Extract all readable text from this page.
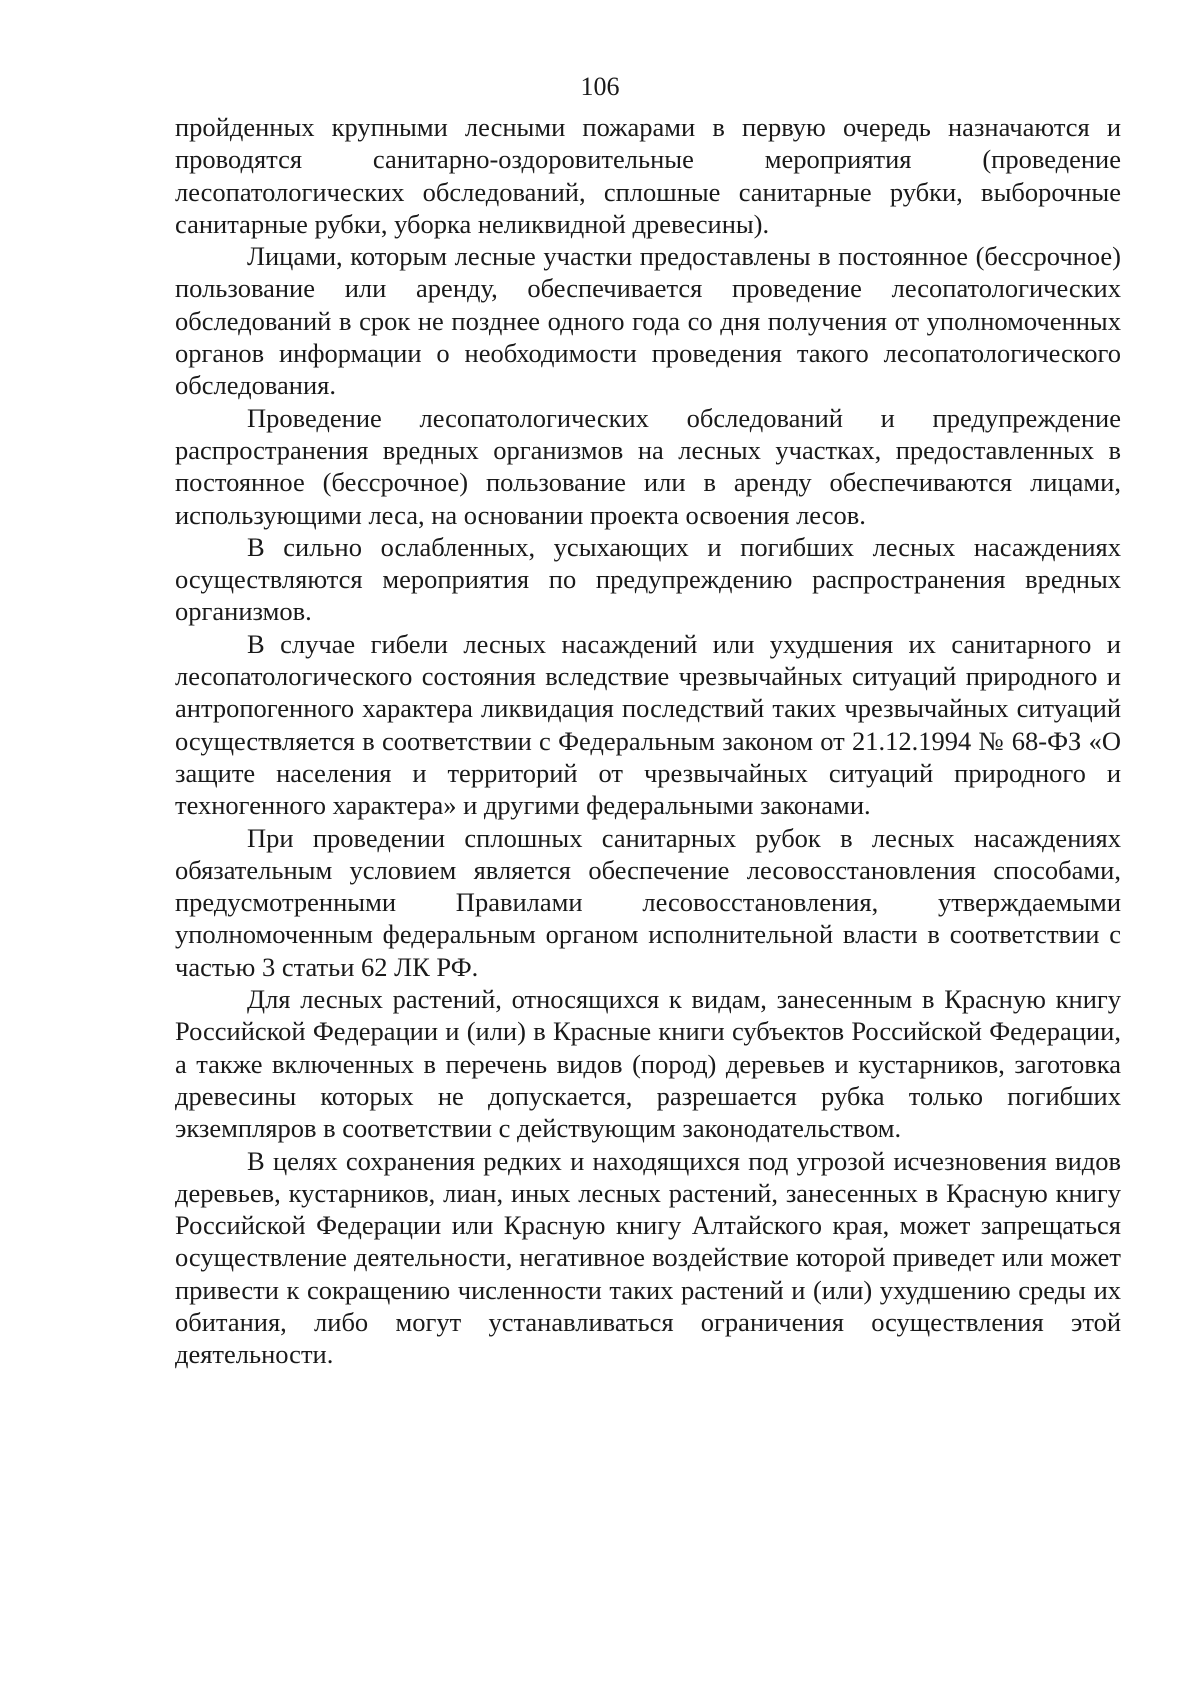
106

пройденных крупными лесными пожарами в первую очередь назначаются и проводятся санитарно-оздоровительные мероприятия (проведение лесопатологических обследований, сплошные санитарные рубки, выборочные санитарные рубки, уборка неликвидной древесины).

Лицами, которым лесные участки предоставлены в постоянное (бессрочное) пользование или аренду, обеспечивается проведение лесопатологических обследований в срок не позднее одного года со дня получения от уполномоченных органов информации о необходимости проведения такого лесопатологического обследования.

Проведение лесопатологических обследований и предупреждение распространения вредных организмов на лесных участках, предоставленных в постоянное (бессрочное) пользование или в аренду обеспечиваются лицами, использующими леса, на основании проекта освоения лесов.

В сильно ослабленных, усыхающих и погибших лесных насаждениях осуществляются мероприятия по предупреждению распространения вредных организмов.

В случае гибели лесных насаждений или ухудшения их санитарного и лесопатологического состояния вследствие чрезвычайных ситуаций природного и антропогенного характера ликвидация последствий таких чрезвычайных ситуаций осуществляется в соответствии с Федеральным законом от 21.12.1994 № 68-ФЗ «О защите населения и территорий от чрезвычайных ситуаций природного и техногенного характера» и другими федеральными законами.

При проведении сплошных санитарных рубок в лесных насаждениях обязательным условием является обеспечение лесовосстановления способами, предусмотренными Правилами лесовосстановления, утверждаемыми уполномоченным федеральным органом исполнительной власти в соответствии с частью 3 статьи 62 ЛК РФ.

Для лесных растений, относящихся к видам, занесенным в Красную книгу Российской Федерации и (или) в Красные книги субъектов Российской Федерации, а также включенных в перечень видов (пород) деревьев и кустарников, заготовка древесины которых не допускается, разрешается рубка только погибших экземпляров в соответствии с действующим законодательством.

В целях сохранения редких и находящихся под угрозой исчезновения видов деревьев, кустарников, лиан, иных лесных растений, занесенных в Красную книгу Российской Федерации или Красную книгу Алтайского края, может запрещаться осуществление деятельности, негативное воздействие которой приведет или может привести к сокращению численности таких растений и (или) ухудшению среды их обитания, либо могут устанавливаться ограничения осуществления этой деятельности.
